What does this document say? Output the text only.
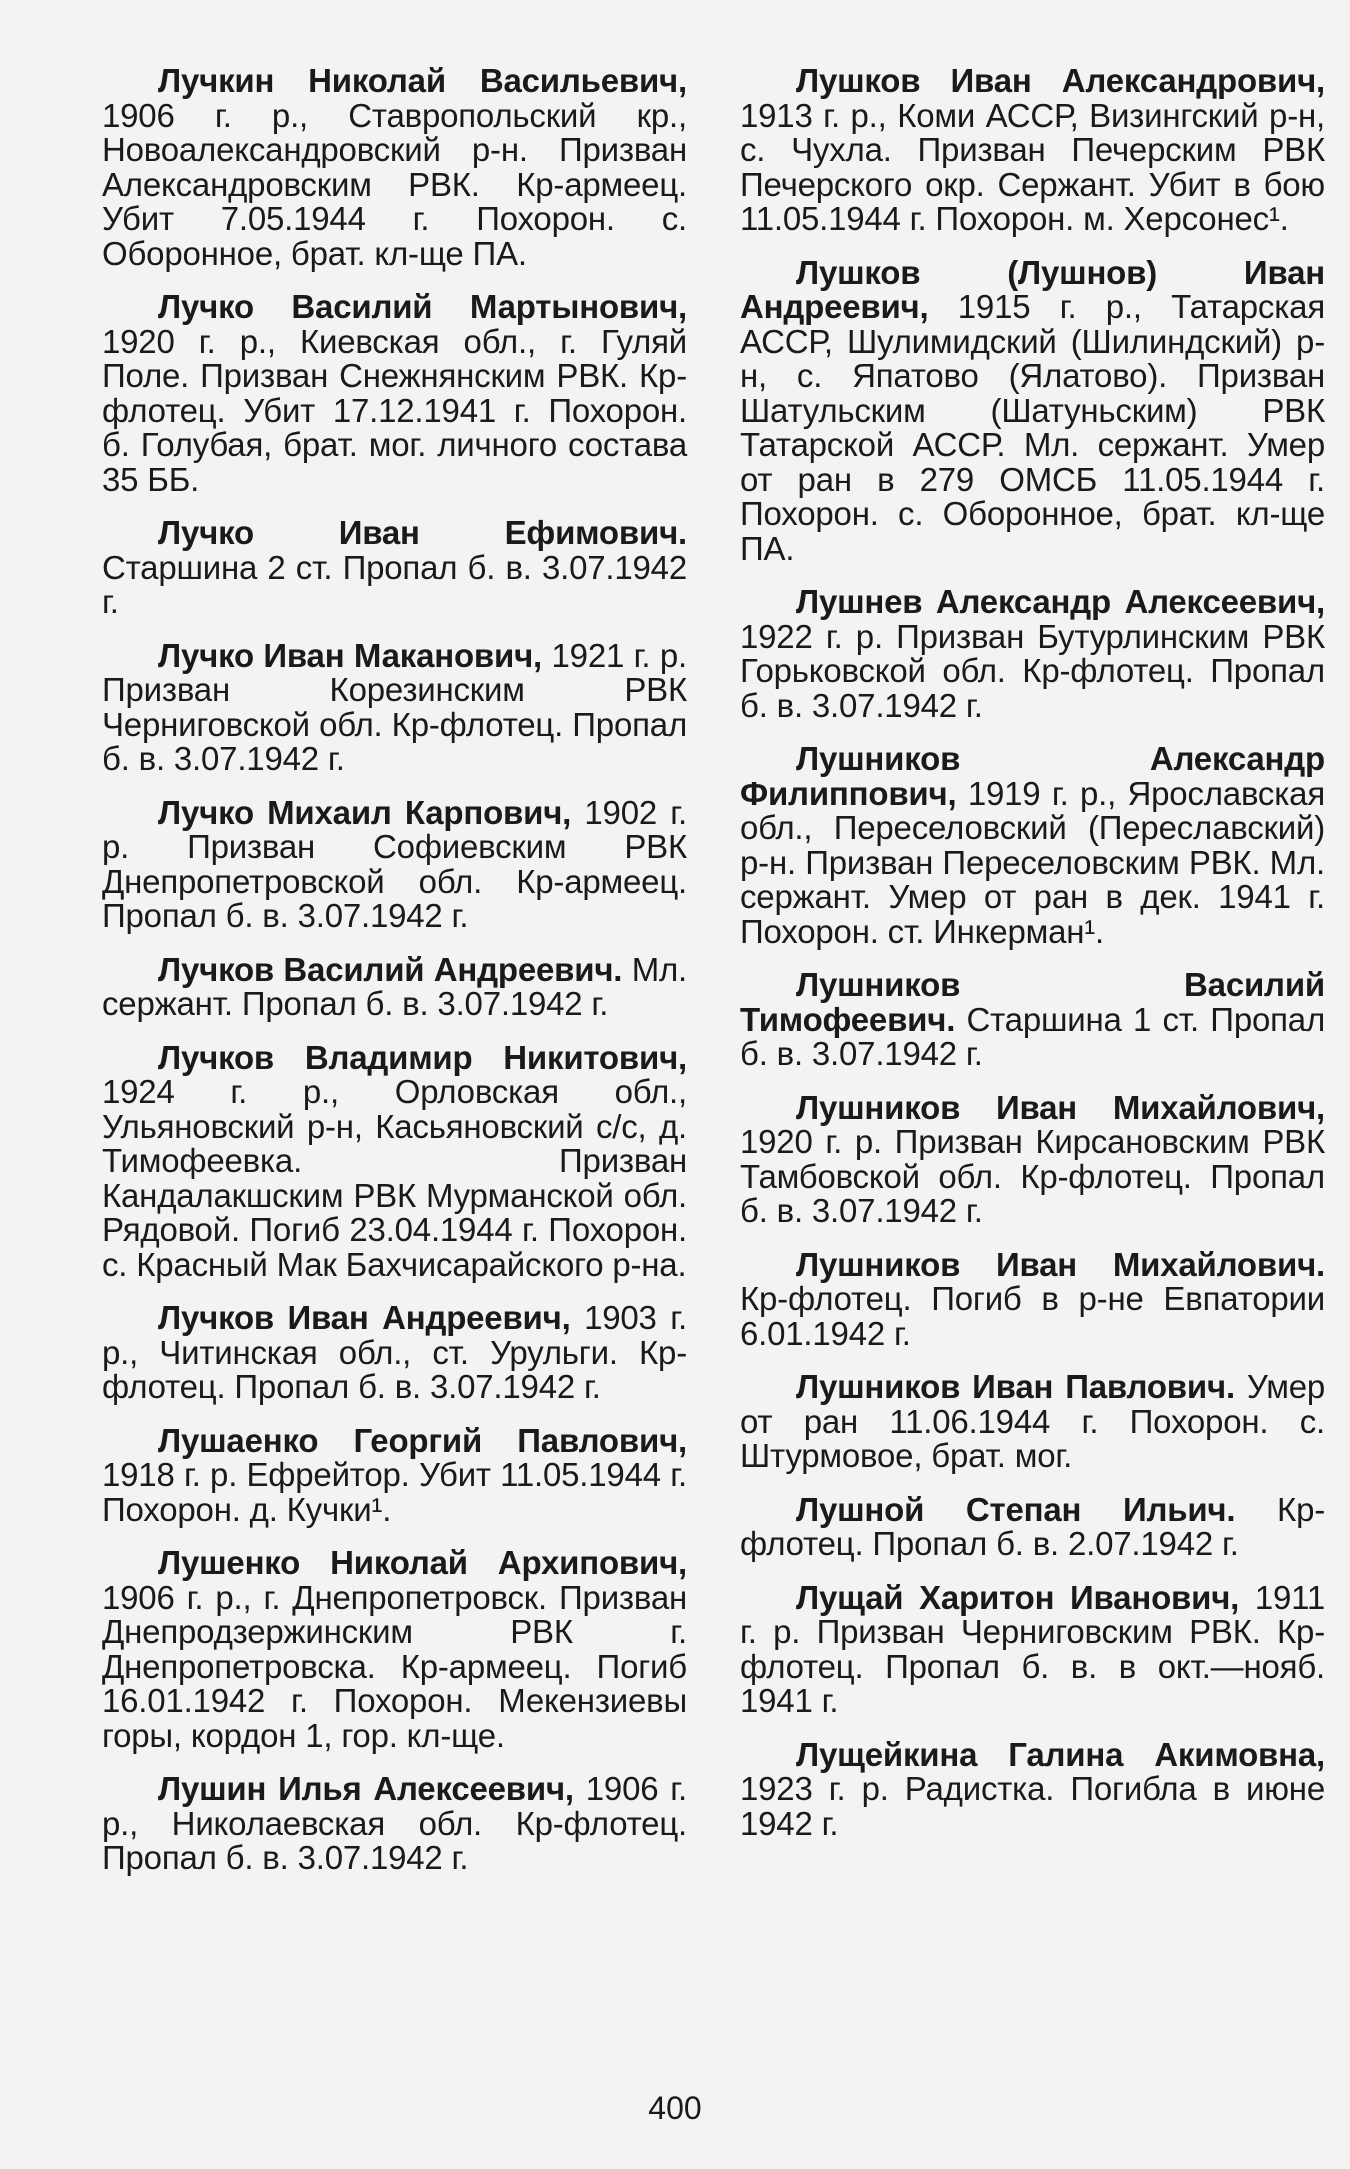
Лучкин Николай Васильевич, 1906 г. р., Ставропольский кр., Новоалександровский р-н. Призван Александровским РВК. Кр-армеец. Убит 7.05.1944 г. Похорон. с. Оборонное, брат. кл-ще ПА.

Лучко Василий Мартынович, 1920 г. р., Киевская обл., г. Гуляй Поле. Призван Снежнянским РВК. Кр-флотец. Убит 17.12.1941 г. Похорон. б. Голубая, брат. мог. личного состава 35 ББ.

Лучко Иван Ефимович. Старшина 2 ст. Пропал б. в. 3.07.1942 г.

Лучко Иван Маканович, 1921 г. р. Призван Корезинским РВК Черниговской обл. Кр-флотец. Пропал б. в. 3.07.1942 г.

Лучко Михаил Карпович, 1902 г. р. Призван Софиевским РВК Днепропетровской обл. Кр-армеец. Пропал б. в. 3.07.1942 г.

Лучков Василий Андреевич. Мл. сержант. Пропал б. в. 3.07.1942 г.

Лучков Владимир Никитович, 1924 г. р., Орловская обл., Ульяновский р-н, Касьяновский с/с, д. Тимофеевка. Призван Кандалакшским РВК Мурманской обл. Рядовой. Погиб 23.04.1944 г. Похорон. с. Красный Мак Бахчисарайского р-на.

Лучков Иван Андреевич, 1903 г. р., Читинская обл., ст. Урульги. Кр-флотец. Пропал б. в. 3.07.1942 г.

Лушаенко Георгий Павлович, 1918 г. р. Ефрейтор. Убит 11.05.1944 г. Похорон. д. Кучки¹.

Лушенко Николай Архипович, 1906 г. р., г. Днепропетровск. Призван Днепродзержинским РВК г. Днепропетровска. Кр-армеец. Погиб 16.01.1942 г. Похорон. Мекензиевы горы, кордон 1, гор. кл-ще.

Лушин Илья Алексеевич, 1906 г. р., Николаевская обл. Кр-флотец. Пропал б. в. 3.07.1942 г.

Лушков Иван Александрович, 1913 г. р., Коми АССР, Визингский р-н, с. Чухла. Призван Печерским РВК Печерского окр. Сержант. Убит в бою 11.05.1944 г. Похорон. м. Херсонес¹.

Лушков (Лушнов) Иван Андреевич, 1915 г. р., Татарская АССР, Шулимидский (Шилиндский) р-н, с. Япатово (Ялатово). Призван Шатульским (Шатуньским) РВК Татарской АССР. Мл. сержант. Умер от ран в 279 ОМСБ 11.05.1944 г. Похорон. с. Оборонное, брат. кл-ще ПА.

Лушнев Александр Алексеевич, 1922 г. р. Призван Бутурлинским РВК Горьковской обл. Кр-флотец. Пропал б. в. 3.07.1942 г.

Лушников Александр Филиппович, 1919 г. р., Ярославская обл., Переселовский (Переславский) р-н. Призван Переселовским РВК. Мл. сержант. Умер от ран в дек. 1941 г. Похорон. ст. Инкерман¹.

Лушников Василий Тимофеевич. Старшина 1 ст. Пропал б. в. 3.07.1942 г.

Лушников Иван Михайлович, 1920 г. р. Призван Кирсановским РВК Тамбовской обл. Кр-флотец. Пропал б. в. 3.07.1942 г.

Лушников Иван Михайлович. Кр-флотец. Погиб в р-не Евпатории 6.01.1942 г.

Лушников Иван Павлович. Умер от ран 11.06.1944 г. Похорон. с. Штурмовое, брат. мог.

Лушной Степан Ильич. Кр-флотец. Пропал б. в. 2.07.1942 г.

Лущай Харитон Иванович, 1911 г. р. Призван Черниговским РВК. Кр-флотец. Пропал б. в. в окт.—нояб. 1941 г.

Лущейкина Галина Акимовна, 1923 г. р. Радистка. Погибла в июне 1942 г.

400
